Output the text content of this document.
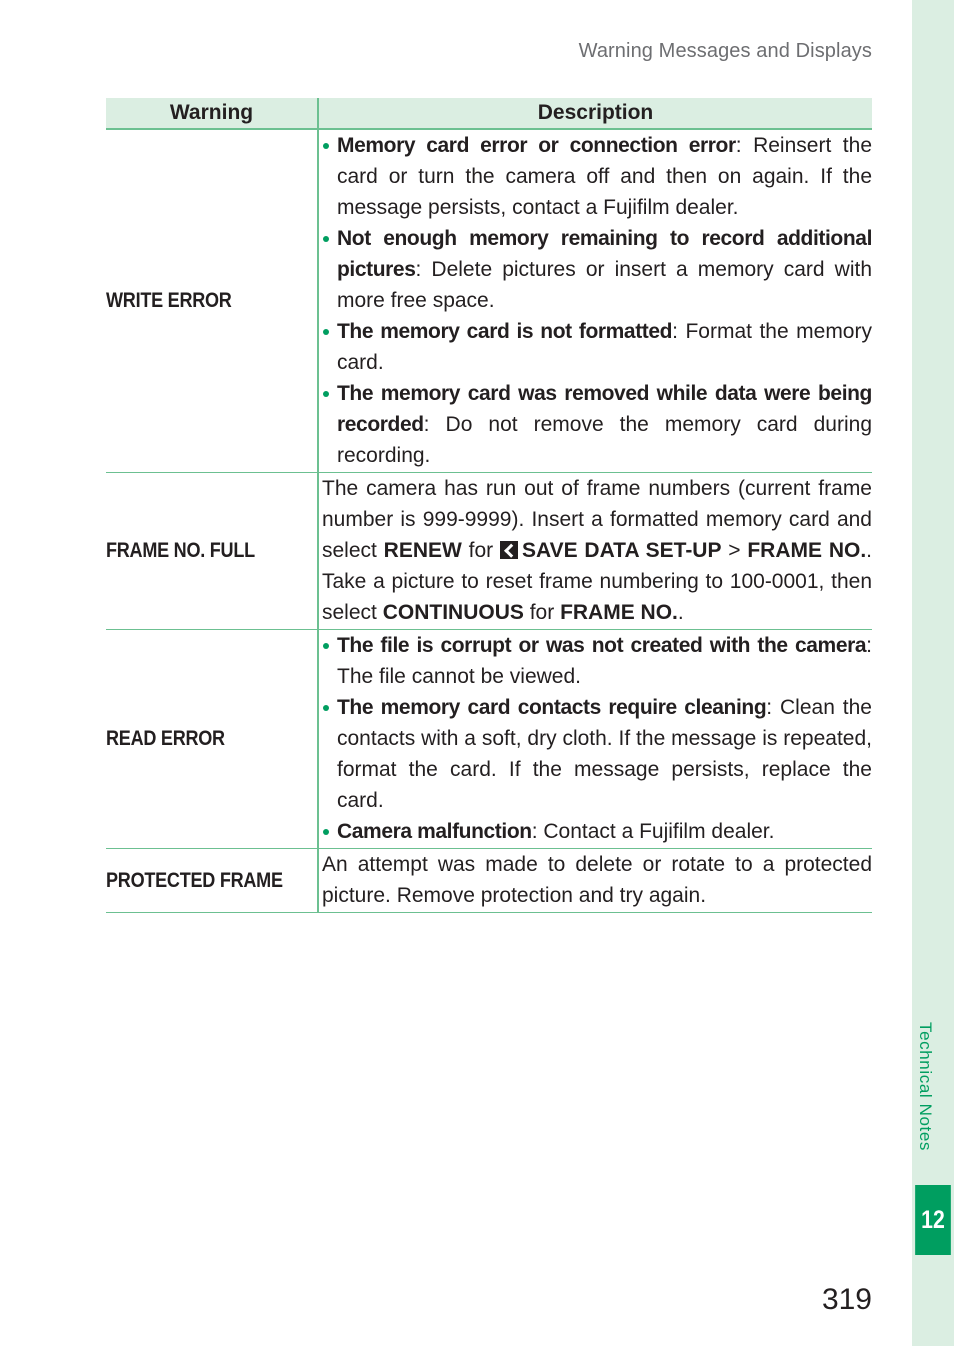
Warning Messages and Displays
Warning	Description
WRITE ERROR	Memory card error or connection error: Reinsert the card or turn the camera off and then on again. If the message persists, contact a Fujifilm dealer.
Not enough memory remaining to record additional pictures: Delete pictures or insert a memory card with more free space.
The memory card is not formatted: Format the memory card.
The memory card was removed while data were being recorded: Do not remove the memory card during recording.

FRAME NO. FULL	The camera has run out of frame numbers (current frame number is 999-9999). Insert a formatted memory card and select RENEW for SAVE DATA SET-UP > FRAME NO.. Take a picture to reset frame numbering to 100-0001, then select CONTINUOUS for FRAME NO..
READ ERROR	The file is corrupt or was not created with the camera: The file cannot be viewed.
The memory card contacts require cleaning: Clean the contacts with a soft, dry cloth. If the message is repeated, format the card. If the message persists, replace the card.
Camera malfunction: Contact a Fujifilm dealer.

PROTECTED FRAME	An attempt was made to delete or rotate to a protected picture. Remove protection and try again.
Technical Notes
12
319
